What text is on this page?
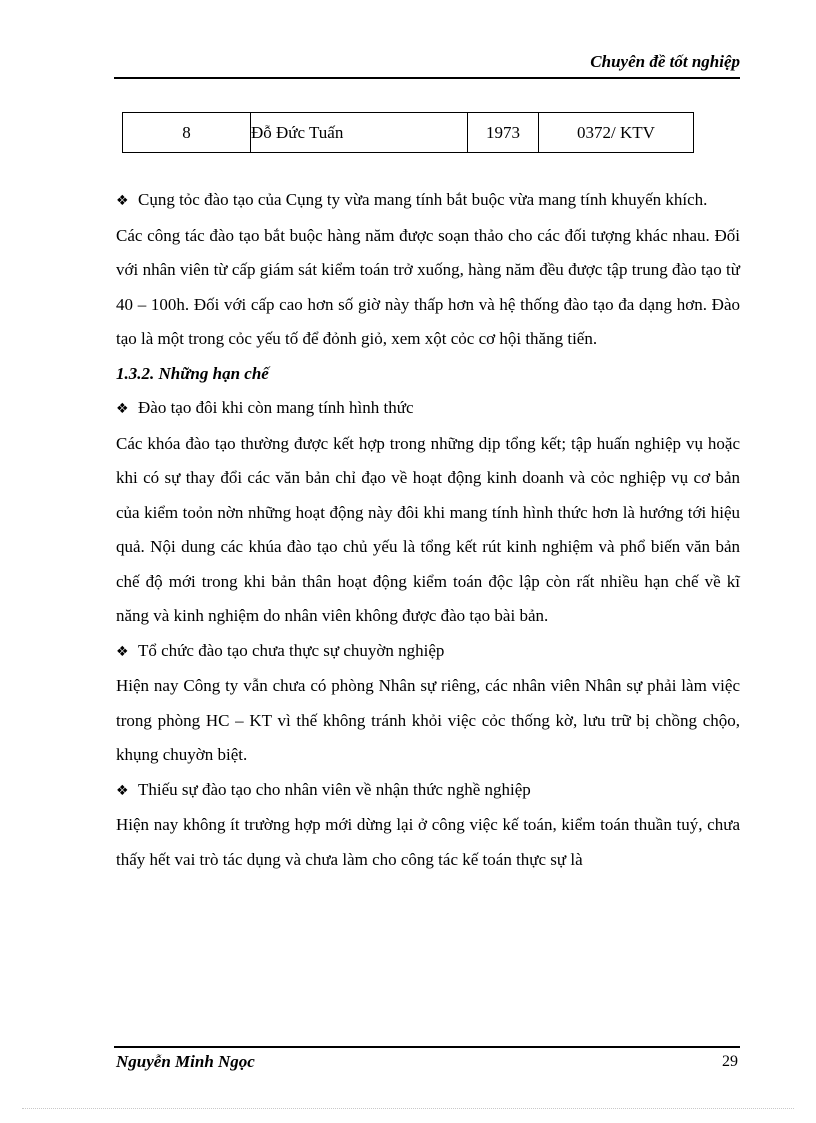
Chuyên đề tốt nghiệp
8	Đỗ Đức Tuấn	1973	0372/ KTV

❖ Cụng tỏc đào tạo của Cụng ty vừa mang tính bắt buộc vừa mang tính khuyến khích.

Các công tác đào tạo bắt buộc hàng năm được soạn thảo cho các đối tượng khác nhau. Đối với nhân viên từ cấp giám sát kiểm toán trở xuống, hàng năm đều được tập trung đào tạo từ 40 – 100h. Đối với cấp cao hơn số giờ này thấp hơn và hệ thống đào tạo đa dạng hơn. Đào tạo là một trong cỏc yếu tố để đỏnh giỏ, xem xột cỏc cơ hội thăng tiến.

1.3.2. Những hạn chế

❖ Đào tạo đôi khi còn mang tính hình thức

Các khóa đào tạo thường được kết hợp trong những dịp tổng kết; tập huấn nghiệp vụ hoặc khi có sự thay đổi các văn bản chỉ đạo về hoạt động kinh doanh và cỏc nghiệp vụ cơ bản của kiểm toỏn nờn những hoạt động này đôi khi mang tính hình thức hơn là hướng tới hiệu quả. Nội dung các khúa đào tạo chủ yếu là tổng kết rút kinh nghiệm và phổ biến văn bản chế độ mới trong khi bản thân hoạt động kiểm toán độc lập còn rất nhiều hạn chế về kĩ năng và kinh nghiệm do nhân viên không được đào tạo bài bản.

❖ Tổ chức đào tạo chưa thực sự chuyờn nghiệp

Hiện nay Công ty vẫn chưa có phòng Nhân sự riêng, các nhân viên Nhân sự phải làm việc trong phòng HC – KT vì thế không tránh khỏi việc cỏc thống kờ, lưu trữ bị chồng chộo, khụng chuyờn biệt.

❖ Thiếu sự đào tạo cho nhân viên về nhận thức nghề nghiệp

Hiện nay không ít trường hợp mới dừng lại ở công việc kế toán, kiểm toán thuần tuý, chưa thấy hết vai trò tác dụng và chưa làm cho công tác kế toán thực sự là

Nguyễn Minh Ngọc	29
